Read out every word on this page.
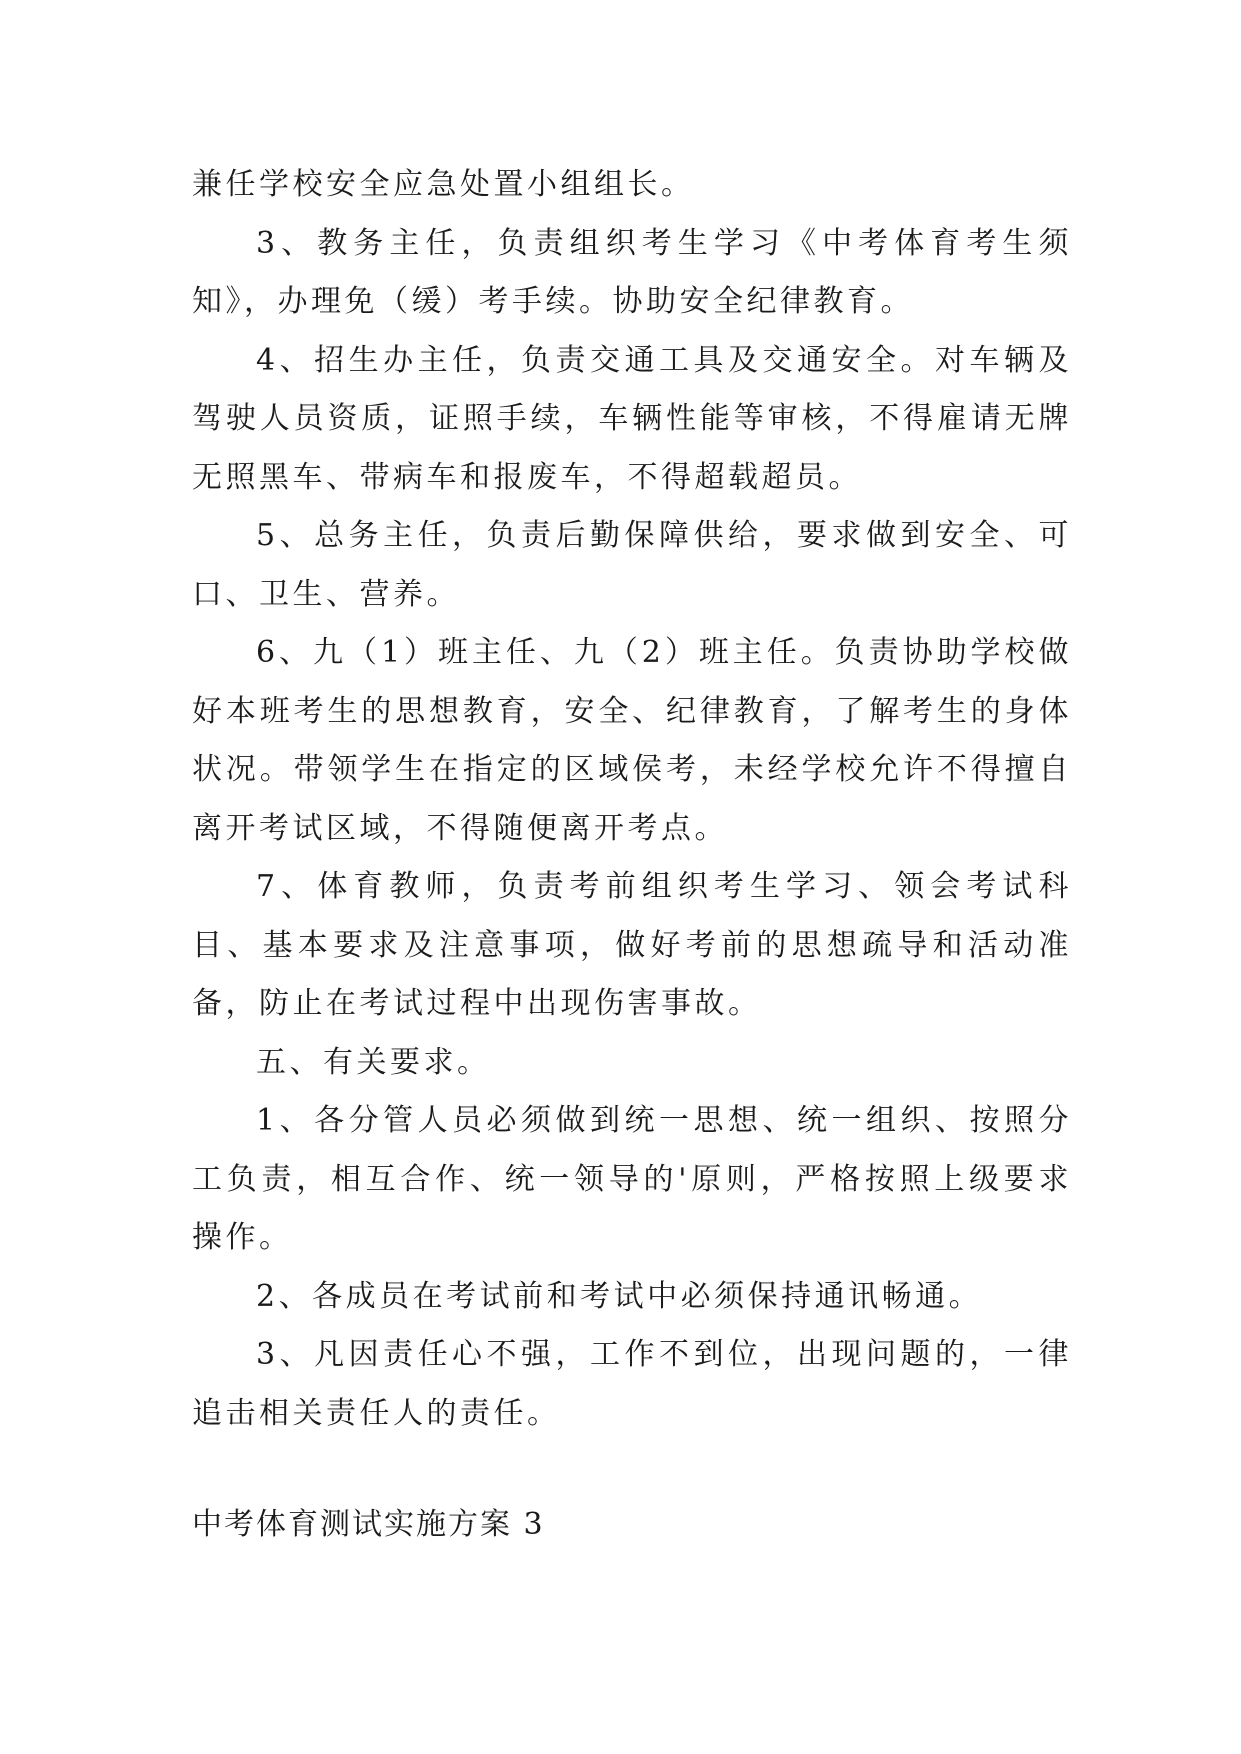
兼任学校安全应急处置小组组长。

3、教务主任，负责组织考生学习《中考体育考生须知》，办理免（缓）考手续。协助安全纪律教育。

4、招生办主任，负责交通工具及交通安全。对车辆及驾驶人员资质，证照手续，车辆性能等审核，不得雇请无牌无照黑车、带病车和报废车，不得超载超员。

5、总务主任，负责后勤保障供给，要求做到安全、可口、卫生、营养。

6、九（1）班主任、九（2）班主任。负责协助学校做好本班考生的思想教育，安全、纪律教育，了解考生的身体状况。带领学生在指定的区域侯考，未经学校允许不得擅自离开考试区域，不得随便离开考点。

7、体育教师，负责考前组织考生学习、领会考试科目、基本要求及注意事项，做好考前的思想疏导和活动准备，防止在考试过程中出现伤害事故。

五、有关要求。

1、各分管人员必须做到统一思想、统一组织、按照分工负责，相互合作、统一领导的'原则，严格按照上级要求操作。

2、各成员在考试前和考试中必须保持通讯畅通。

3、凡因责任心不强，工作不到位，出现问题的，一律追击相关责任人的责任。

中考体育测试实施方案 3
